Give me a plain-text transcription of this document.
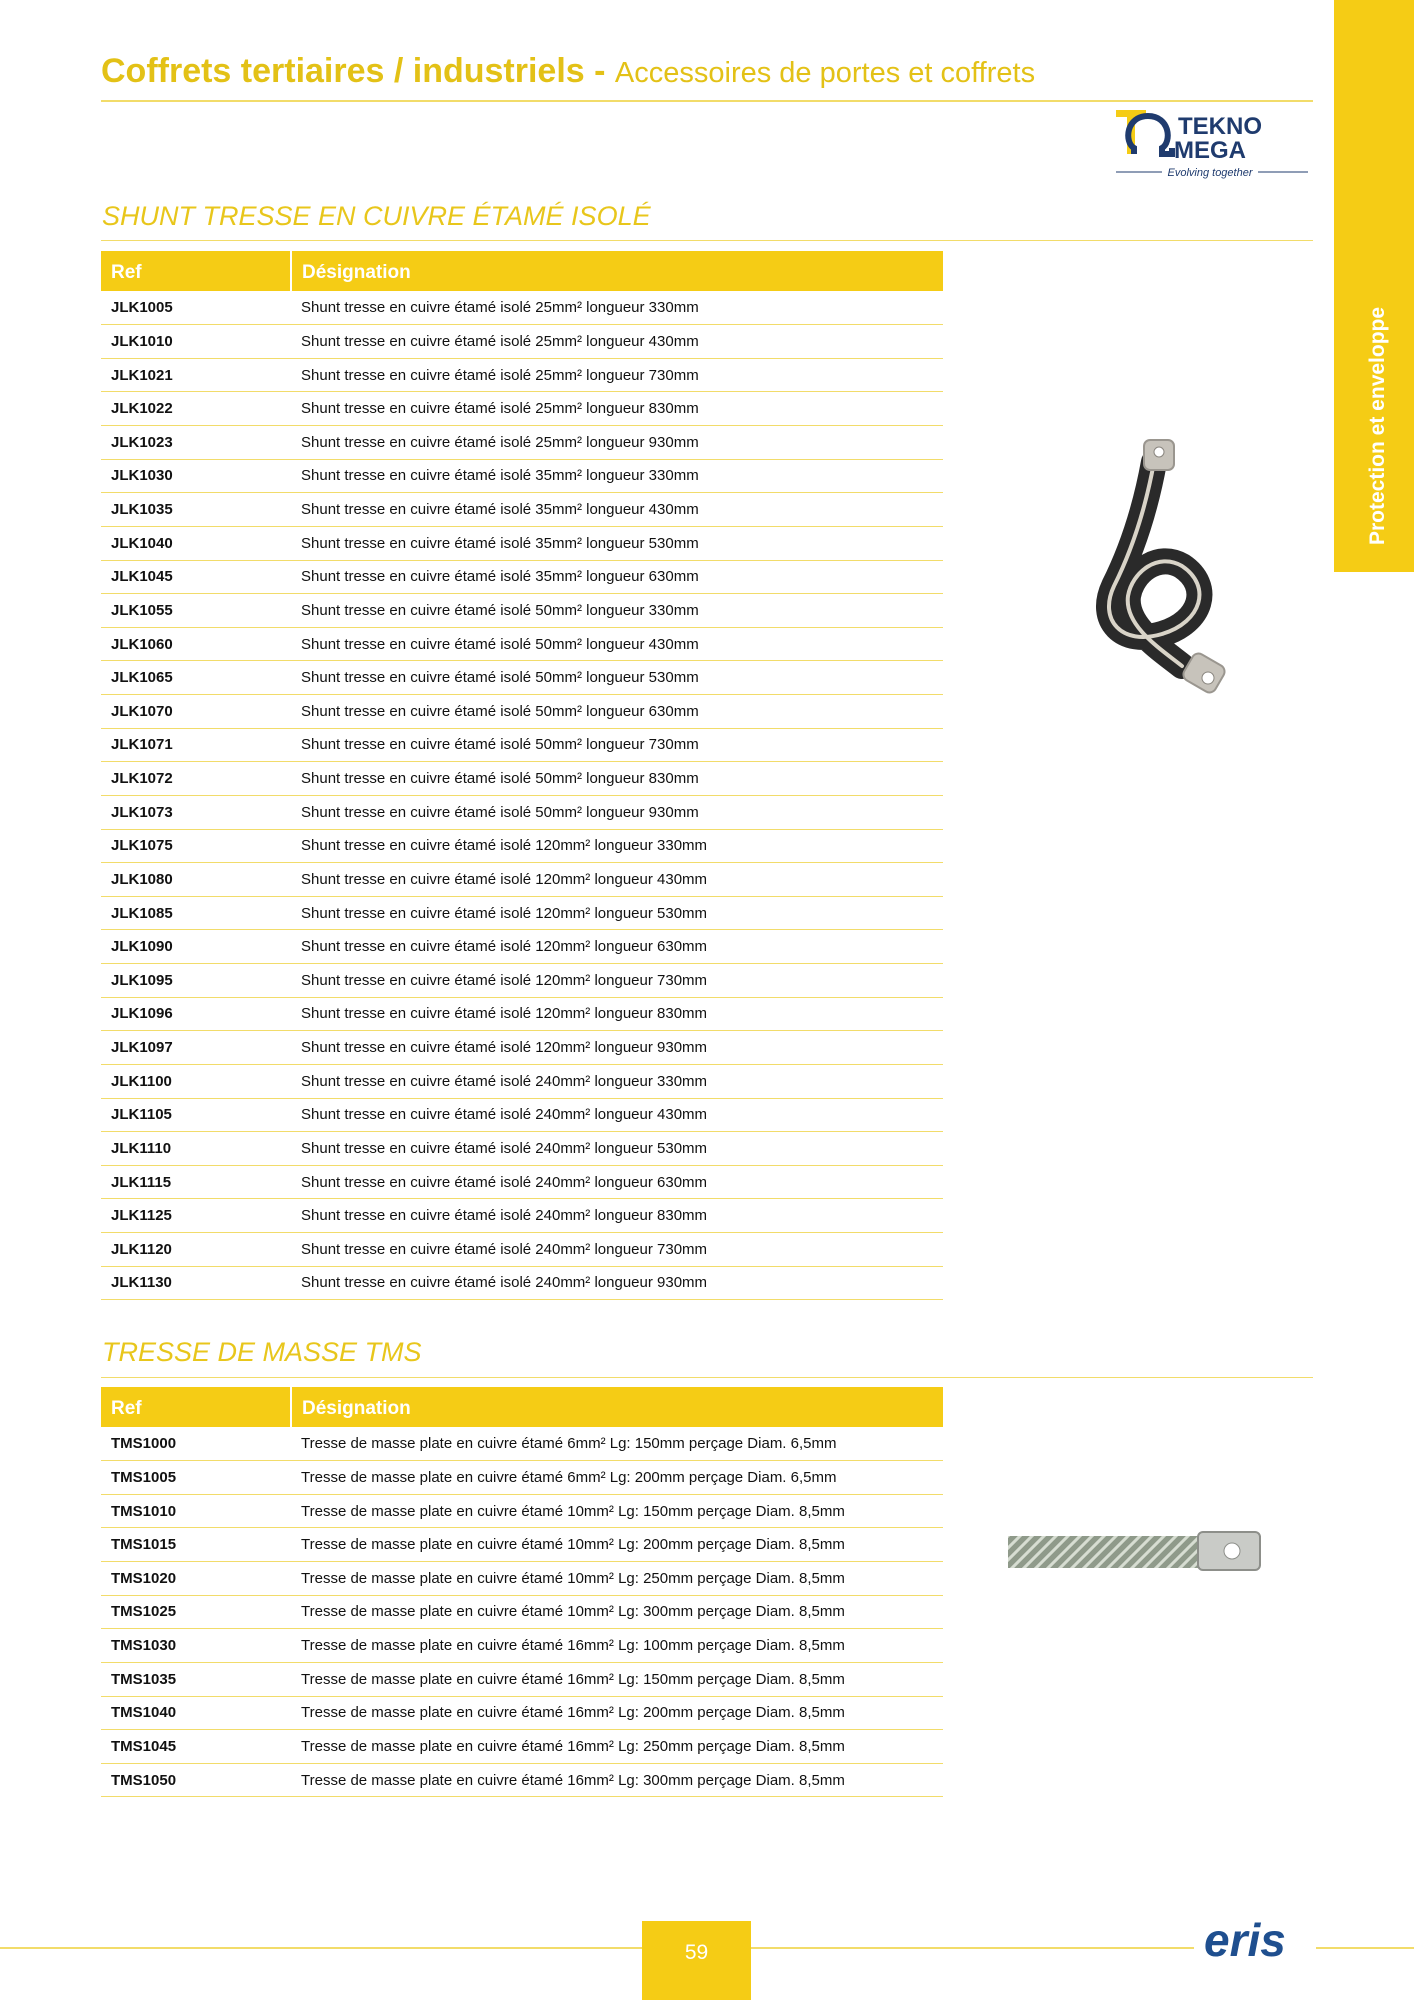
Protection et enveloppe
Coffrets tertiaires / industriels - Accessoires de portes et coffrets
TEKNO
MEGA
Evolving together
SHUNT TRESSE EN CUIVRE ÉTAMÉ ISOLÉ
Ref	Désignation
JLK1005	Shunt tresse en cuivre étamé isolé 25mm² longueur 330mm
JLK1010	Shunt tresse en cuivre étamé isolé 25mm² longueur 430mm
JLK1021	Shunt tresse en cuivre étamé isolé 25mm² longueur 730mm
JLK1022	Shunt tresse en cuivre étamé isolé 25mm² longueur 830mm
JLK1023	Shunt tresse en cuivre étamé isolé 25mm² longueur 930mm
JLK1030	Shunt tresse en cuivre étamé isolé 35mm² longueur 330mm
JLK1035	Shunt tresse en cuivre étamé isolé 35mm² longueur 430mm
JLK1040	Shunt tresse en cuivre étamé isolé 35mm² longueur 530mm
JLK1045	Shunt tresse en cuivre étamé isolé 35mm² longueur 630mm
JLK1055	Shunt tresse en cuivre étamé isolé 50mm² longueur 330mm
JLK1060	Shunt tresse en cuivre étamé isolé 50mm² longueur 430mm
JLK1065	Shunt tresse en cuivre étamé isolé 50mm² longueur 530mm
JLK1070	Shunt tresse en cuivre étamé isolé 50mm² longueur 630mm
JLK1071	Shunt tresse en cuivre étamé isolé 50mm² longueur 730mm
JLK1072	Shunt tresse en cuivre étamé isolé 50mm² longueur 830mm
JLK1073	Shunt tresse en cuivre étamé isolé 50mm² longueur 930mm
JLK1075	Shunt tresse en cuivre étamé isolé 120mm² longueur 330mm
JLK1080	Shunt tresse en cuivre étamé isolé 120mm² longueur 430mm
JLK1085	Shunt tresse en cuivre étamé isolé 120mm² longueur 530mm
JLK1090	Shunt tresse en cuivre étamé isolé 120mm² longueur 630mm
JLK1095	Shunt tresse en cuivre étamé isolé 120mm² longueur 730mm
JLK1096	Shunt tresse en cuivre étamé isolé 120mm² longueur 830mm
JLK1097	Shunt tresse en cuivre étamé isolé 120mm² longueur 930mm
JLK1100	Shunt tresse en cuivre étamé isolé 240mm² longueur 330mm
JLK1105	Shunt tresse en cuivre étamé isolé 240mm² longueur 430mm
JLK1110	Shunt tresse en cuivre étamé isolé 240mm² longueur 530mm
JLK1115	Shunt tresse en cuivre étamé isolé 240mm² longueur 630mm
JLK1125	Shunt tresse en cuivre étamé isolé 240mm² longueur 830mm
JLK1120	Shunt tresse en cuivre étamé isolé 240mm² longueur 730mm
JLK1130	Shunt tresse en cuivre étamé isolé 240mm² longueur 930mm
TRESSE DE MASSE TMS
Ref	Désignation
TMS1000	Tresse de masse plate en cuivre étamé 6mm² Lg: 150mm perçage Diam. 6,5mm
TMS1005	Tresse de masse plate en cuivre étamé 6mm² Lg: 200mm perçage Diam. 6,5mm
TMS1010	Tresse de masse plate en cuivre étamé 10mm² Lg: 150mm perçage Diam. 8,5mm
TMS1015	Tresse de masse plate en cuivre étamé 10mm² Lg: 200mm perçage Diam. 8,5mm
TMS1020	Tresse de masse plate en cuivre étamé 10mm² Lg: 250mm perçage Diam. 8,5mm
TMS1025	Tresse de masse plate en cuivre étamé 10mm² Lg: 300mm perçage Diam. 8,5mm
TMS1030	Tresse de masse plate en cuivre étamé 16mm² Lg: 100mm perçage Diam. 8,5mm
TMS1035	Tresse de masse plate en cuivre étamé 16mm² Lg: 150mm perçage Diam. 8,5mm
TMS1040	Tresse de masse plate en cuivre étamé 16mm² Lg: 200mm perçage Diam. 8,5mm
TMS1045	Tresse de masse plate en cuivre étamé 16mm² Lg: 250mm perçage Diam. 8,5mm
TMS1050	Tresse de masse plate en cuivre étamé 16mm² Lg: 300mm perçage Diam. 8,5mm
59	eris
